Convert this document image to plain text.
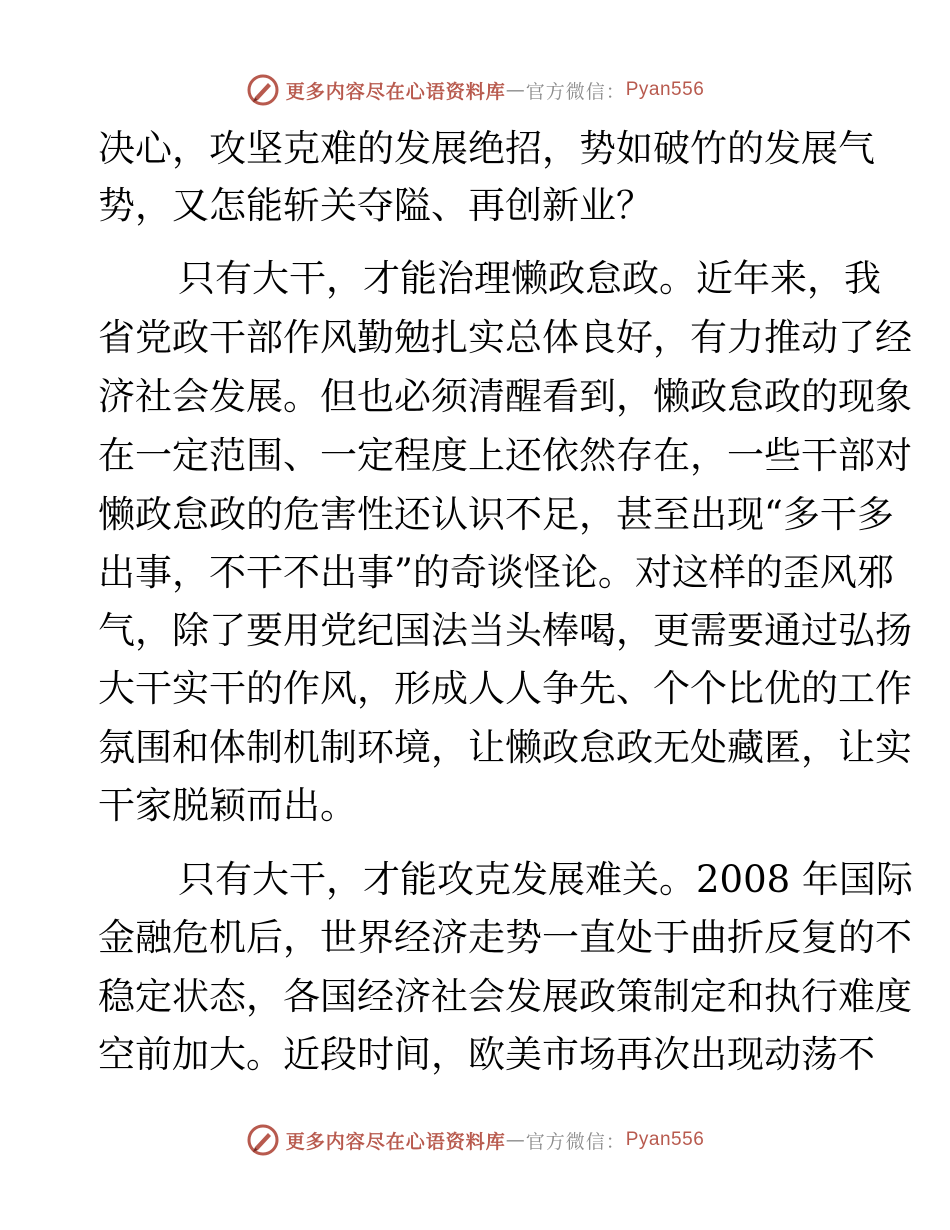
更多内容尽在心语资料库 — 官方微信： Pyan556
决心，攻坚克难的发展绝招，势如破竹的发展气
势，又怎能斩关夺隘、再创新业？
只有大干，才能治理懒政怠政。近年来，我
省党政干部作风勤勉扎实总体良好，有力推动了经
济社会发展。但也必须清醒看到，懒政怠政的现象
在一定范围、一定程度上还依然存在，一些干部对
懒政怠政的危害性还认识不足，甚至出现“多干多
出事，不干不出事”的奇谈怪论。对这样的歪风邪
气，除了要用党纪国法当头棒喝，更需要通过弘扬
大干实干的作风，形成人人争先、个个比优的工作
氛围和体制机制环境，让懒政怠政无处藏匿，让实
干家脱颖而出。
只有大干，才能攻克发展难关。2008 年国际
金融危机后，世界经济走势一直处于曲折反复的不
稳定状态，各国经济社会发展政策制定和执行难度
空前加大。近段时间，欧美市场再次出现动荡不
更多内容尽在心语资料库 — 官方微信： Pyan556
